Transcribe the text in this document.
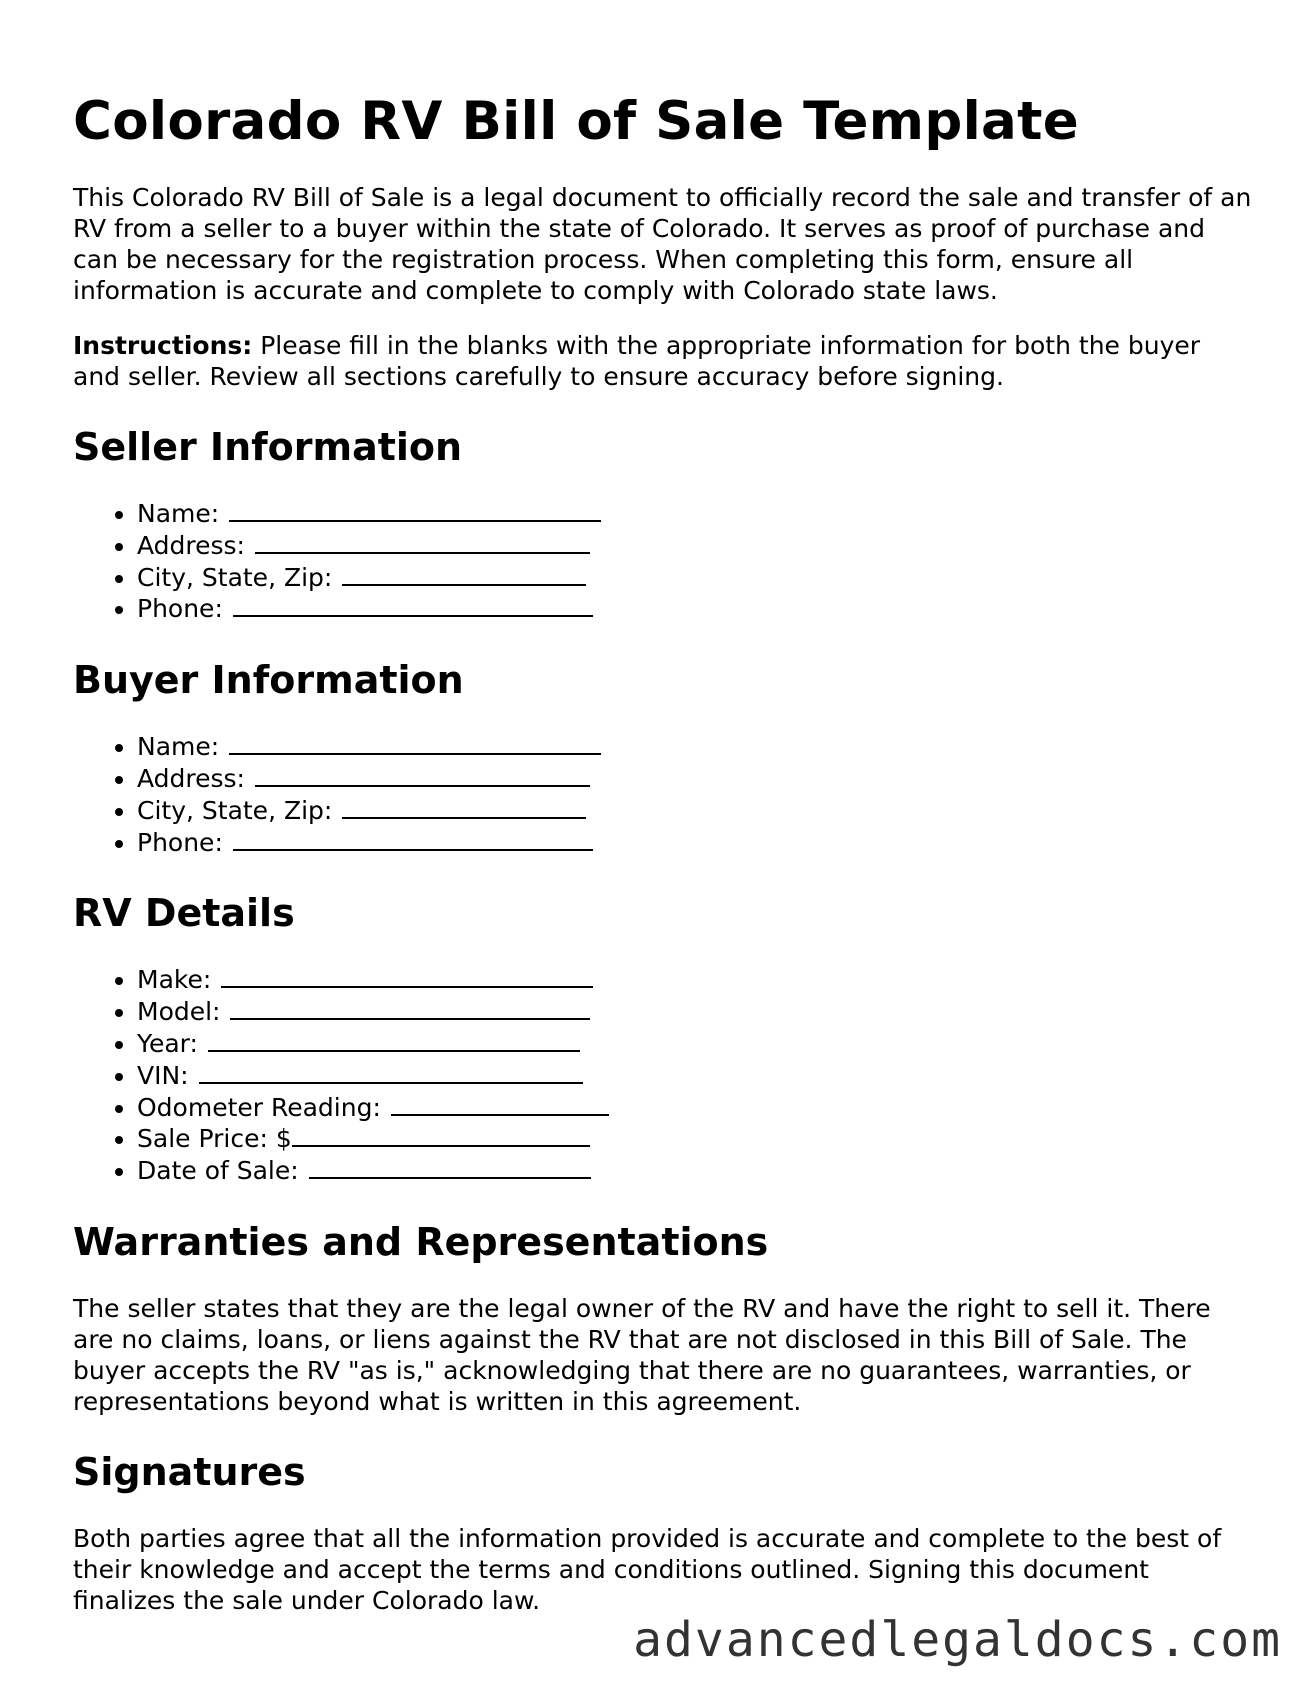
Colorado RV Bill of Sale Template

This Colorado RV Bill of Sale is a legal document to officially record the sale and transfer of an RV from a seller to a buyer within the state of Colorado. It serves as proof of purchase and can be necessary for the registration process. When completing this form, ensure all information is accurate and complete to comply with Colorado state laws.

Instructions: Please fill in the blanks with the appropriate information for both the buyer and seller. Review all sections carefully to ensure accuracy before signing.

Seller Information
• Name:
• Address:
• City, State, Zip:
• Phone:
Buyer Information
• Name:
• Address:
• City, State, Zip:
• Phone:
RV Details
• Make:
• Model:
• Year:
• VIN:
• Odometer Reading:
• Sale Price: $
• Date of Sale:
Warranties and Representations

The seller states that they are the legal owner of the RV and have the right to sell it. There are no claims, loans, or liens against the RV that are not disclosed in this Bill of Sale. The buyer accepts the RV "as is," acknowledging that there are no guarantees, warranties, or representations beyond what is written in this agreement.

Signatures

Both parties agree that all the information provided is accurate and complete to the best of their knowledge and accept the terms and conditions outlined. Signing this document finalizes the sale under Colorado law.

advancedlegaldocs.com
